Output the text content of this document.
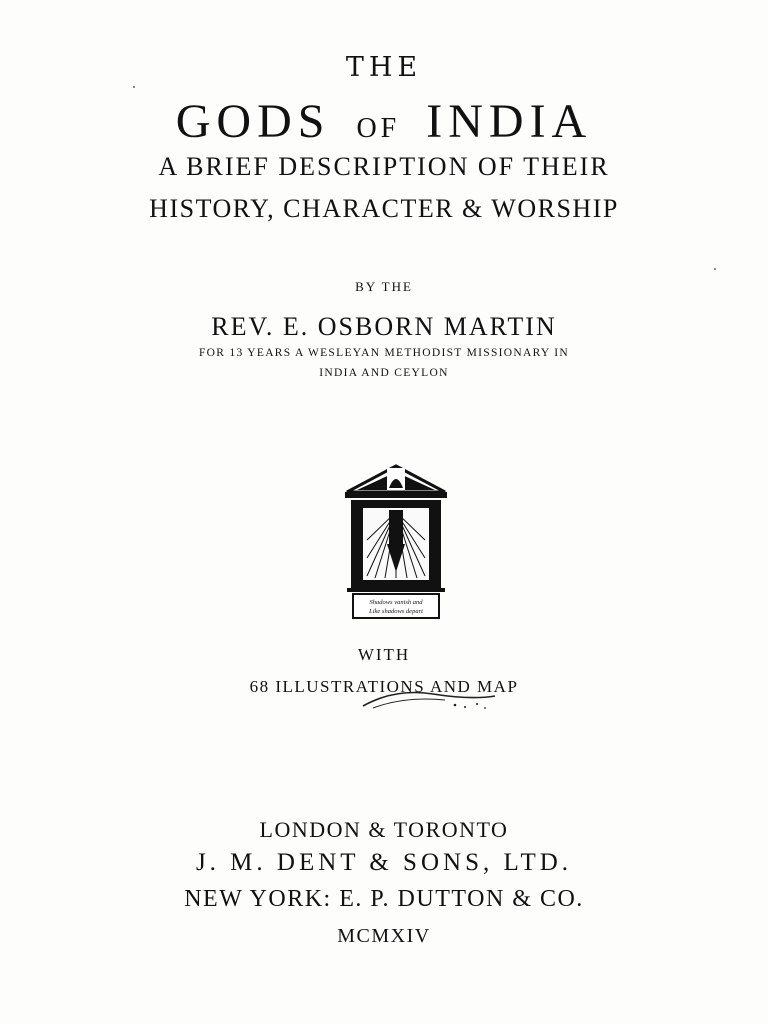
THE
GODS OF INDIA
A BRIEF DESCRIPTION OF THEIR
HISTORY, CHARACTER & WORSHIP
BY THE
REV. E. OSBORN MARTIN
FOR 13 YEARS A WESLEYAN METHODIST MISSIONARY IN
INDIA AND CEYLON
Shadows vanish and
Like shadows depart
WITH
68 ILLUSTRATIONS AND MAP
LONDON & TORONTO
J. M. DENT & SONS, LTD.
NEW YORK: E. P. DUTTON & CO.
MCMXIV
